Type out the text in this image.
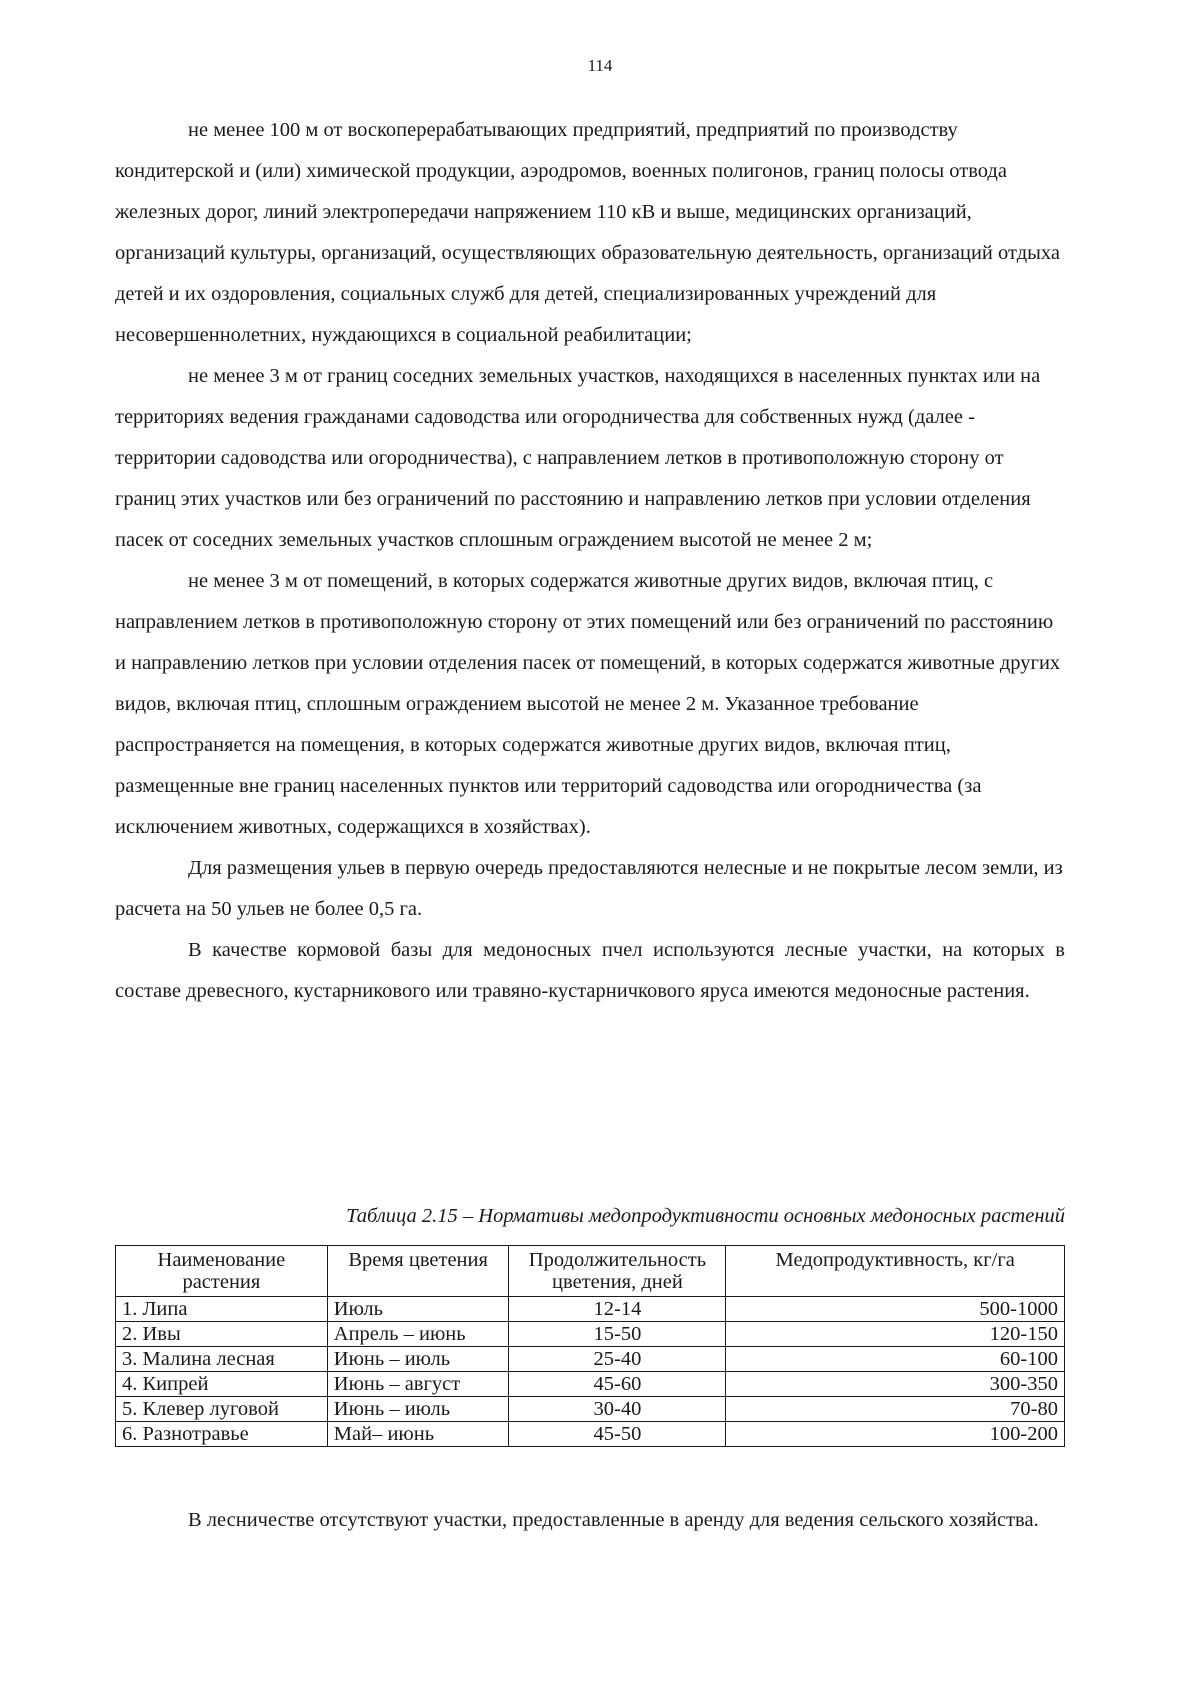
114

не менее 100 м от воскоперерабатывающих предприятий, предприятий по производству кондитерской и (или) химической продукции, аэродромов, военных полигонов, границ полосы отвода железных дорог, линий электропередачи напряжением 110 кВ и выше, медицинских организаций, организаций культуры, организаций, осуществляющих образовательную деятельность, организаций отдыха детей и их оздоровления, социальных служб для детей, специализированных учреждений для несовершеннолетних, нуждающихся в социальной реабилитации;

не менее 3 м от границ соседних земельных участков, находящихся в населенных пунктах или на территориях ведения гражданами садоводства или огородничества для собственных нужд (далее - территории садоводства или огородничества), с направлением летков в противоположную сторону от границ этих участков или без ограничений по расстоянию и направлению летков при условии отделения пасек от соседних земельных участков сплошным ограждением высотой не менее 2 м;

не менее 3 м от помещений, в которых содержатся животные других видов, включая птиц, с направлением летков в противоположную сторону от этих помещений или без ограничений по расстоянию и направлению летков при условии отделения пасек от помещений, в которых содержатся животные других видов, включая птиц, сплошным ограждением высотой не менее 2 м. Указанное требование распространяется на помещения, в которых содержатся животные других видов, включая птиц, размещенные вне границ населенных пунктов или территорий садоводства или огородничества (за исключением животных, содержащихся в хозяйствах).

Для размещения ульев в первую очередь предоставляются нелесные и не покрытые лесом земли, из расчета на 50 ульев не более 0,5 га.

В качестве кормовой базы для медоносных пчел используются лесные участки, на которых в составе древесного, кустарникового или травяно-кустарничкового яруса имеются медоносные растения.

Таблица 2.15 – Нормативы медопродуктивности основных медоносных растений
Наименование растения	Время цветения	Продолжительность цветения, дней	Медопродуктивность, кг/га
1. Липа	Июль	12-14	500-1000
2. Ивы	Апрель – июнь	15-50	120-150
3. Малина лесная	Июнь – июль	25-40	60-100
4. Кипрей	Июнь – август	45-60	300-350
5. Клевер луговой	Июнь – июль	30-40	70-80
6. Разнотравье	Май– июнь	45-50	100-200

В лесничестве отсутствуют участки, предоставленные в аренду для ведения сельского хозяйства.
